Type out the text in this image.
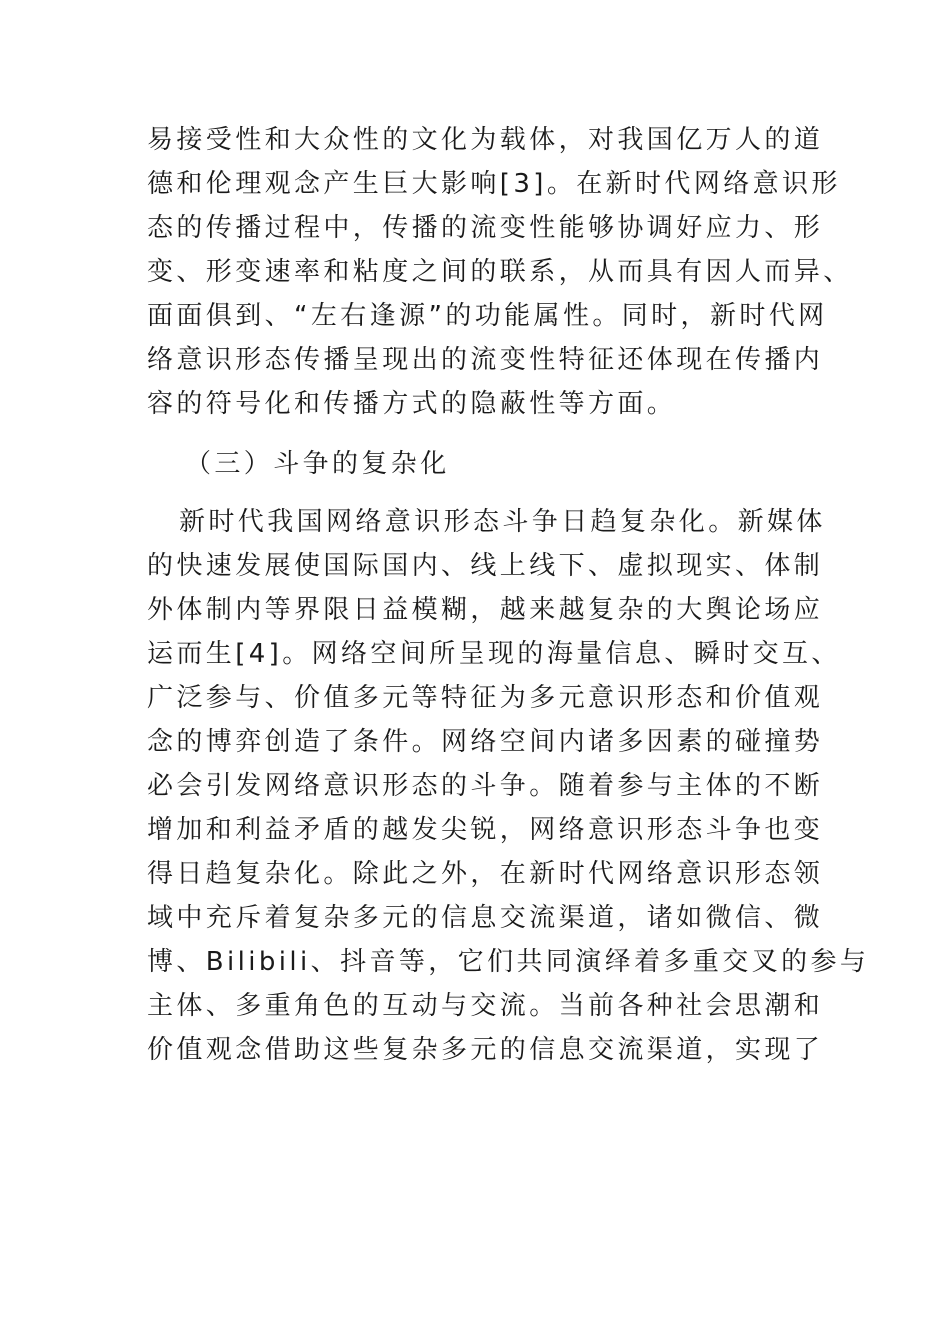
易接受性和大众性的文化为载体，对我国亿万人的道
德和伦理观念产生巨大影响[3]。在新时代网络意识形
态的传播过程中，传播的流变性能够协调好应力、形
变、形变速率和粘度之间的联系，从而具有因人而异、
面面俱到、“左右逢源”的功能属性。同时，新时代网
络意识形态传播呈现出的流变性特征还体现在传播内
容的符号化和传播方式的隐蔽性等方面。
（三）斗争的复杂化
新时代我国网络意识形态斗争日趋复杂化。新媒体
的快速发展使国际国内、线上线下、虚拟现实、体制
外体制内等界限日益模糊，越来越复杂的大舆论场应
运而生[4]。网络空间所呈现的海量信息、瞬时交互、
广泛参与、价值多元等特征为多元意识形态和价值观
念的博弈创造了条件。网络空间内诸多因素的碰撞势
必会引发网络意识形态的斗争。随着参与主体的不断
增加和利益矛盾的越发尖锐，网络意识形态斗争也变
得日趋复杂化。除此之外，在新时代网络意识形态领
域中充斥着复杂多元的信息交流渠道，诸如微信、微
博、Bilibili、抖音等，它们共同演绎着多重交叉的参与
主体、多重角色的互动与交流。当前各种社会思潮和
价值观念借助这些复杂多元的信息交流渠道，实现了
